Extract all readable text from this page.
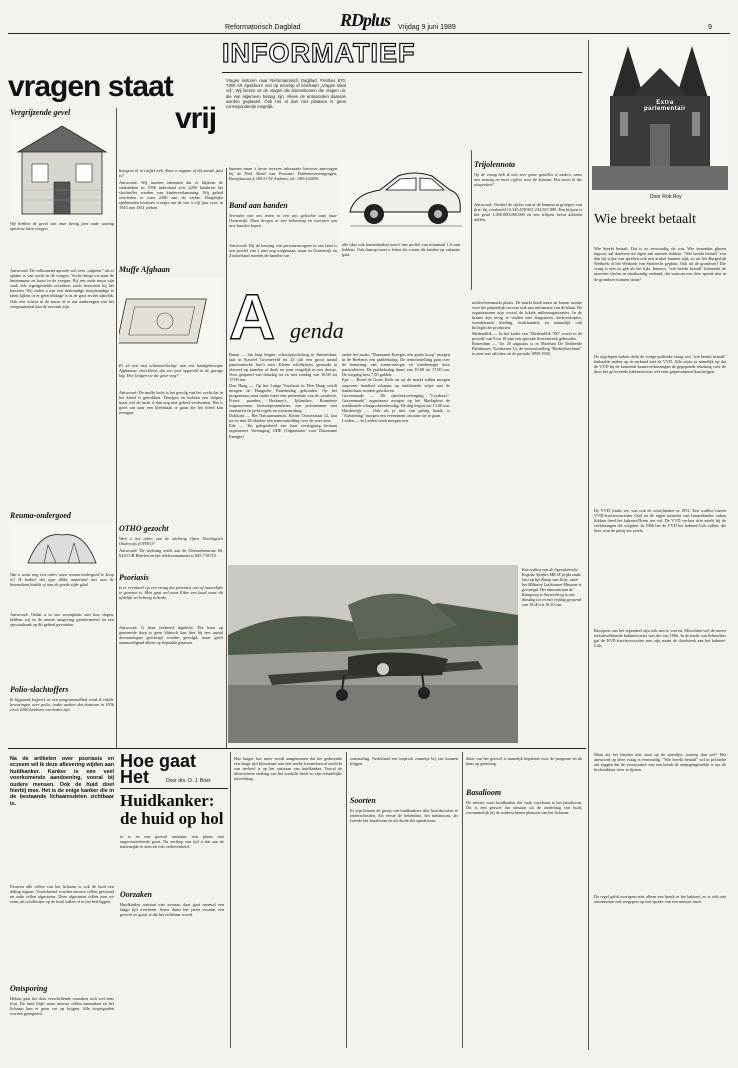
RDplus
Reformatorisch Dagblad	Vrijdag 9 juni 1989	9
INFORMATIEF
vragen staat
vrij
Vragen insturen naar Reformatorisch Dagblad, Postbus 670, 7300 AR Apeldoorn met op envelop of briefkaart „Vragen staat vrij”. Wij kiezen uit de vragen die binnenkomen die vragen uit, die van algemeen belang zijn. Alleen de antwoorden daarvan worden geplaatst. Ook het al dan niet plaatsen is geen correspondentie mogelijk.
Vergrijzende gevel
Wij hebben de gevel van onze dertig jaar oude woning opnieuw laten voegen.
Antwoord: De volkomend aproefe wel over „salpeter” als er sprake is van vocht in de voegen. Vocht dringt via naar de buitenmuur en komt in de voegen. Bij een oude muur zijn vaak ook tegengestelde oorzaken, zoals bezwaren bij het bouwen. Wij raden u aan een deskundige bouwkundige te laten kijken of er geen lekkage is in de goot en het dakvlak. Ook een scheur in de muur of te nat aanbrengen van het voegmateriaal kan de oorzaak zijn.
Reuma-ondergoed
Wat u soms nog een adres waar reuma-ondergoed te koop is? Ik bedoel dat type dikke materiaal met aan de binnenkant bedekt of aan de goede zijde glad.
Antwoord: Ondat u in ons woonplaats niet kon slagen, hebben wij in de naaste omgeving geinformeerd en een speciaalzaak op dit gebied gevonden.
Polio-slachtoffers
Ik bijgaand krijpoel wi een programmablad vond ik enkele bewaringen over polio, onder andere dat daaraan in 1936 circa 2200 kinderen overleden zijn.
betogom ik in twijfel trek. Kunt u nagaan of dit aantal juist is?
Antwoord: Wij moeten erkennen dat er blijkens de statistieken in 1956 inderdaad zo'n 2200 kinderen het slachtoffer werden van kinderverlamming. Wij geleid overleden er toen 2206 aan de ziekte. Dergelijke epidemieën kwamen vroeger om de vier à vijf jaar voor, in 1943 met 1831 zieken.
Muffe Afghaan
Er zit een muf schimmelluchtje aan ons handgeknoopte Afghaanse vloerkleed, dat een jaar opgerold in de garage lag. Hoe krijgen we die geur weg?
Antwoord: De muffe lucht is het gevolg van het vocht dat in het kleed is getrokken. Droogen en luchten zou helpen, maar wel de lucht is dan nog niet geheel verdwenen. Het is goed om naar een kleedzaak te gaan die het kleed kan reinigen.
OTHO gezocht
Weet u het adres van de stichting Open Theologisch Onderwijs (OTHO)?
Antwoord: De stichting zetelt aan de Oliemolenstraat 60, 6416 CB Heerlen en het telefoonnummer is 045-718710.
Psoriasis
Is er eventueel op een vraag dat psoriasis niet of nauwelijks te genezen is. Men gaat wel naar Eiker een koud waar dit tijdelijk verlichting schenkt.
Antwoord: U bent verkeerd ingelicht. Die kuur op genoemde dorp is geen klinisch kan hier bij een aantal dermatologen geschrapt worden gevolgd, maar geeft aanmoedigend alleen op bepaalde plaatsen.
kunnen maar 's beste tevoren informatie hierover aanvragen bij de Ned. Bond van Psoriasis Patiëntenverenigingen, Bosrijkstraat 4, 6814 CW Arnhem, tel.: 085-432050.
Band aan banden
Vrienden van ons reden in een pas gekochte auto naar Oostenrijk. Daar kregen ze een bekeuring en voorzien van new banden kopen.
Antwoord: Bij de keuring van personenwagens in ons land is een profiel van 1 mm nog toegestaan, maar in Oostenrijk en Zwitserland moeten de banden van
alle (dus ook buitenlandse) auto's een profiel van minimaal 1,6 mm hebben. Ook daarop moet u letten als u naar die landen op vakantie gaat.
Trijolennota
Op de vraag heb ik niet zeer grote getallen te maken, soms met tussing en meer cijfers voor de komma. Hoe moet ik die uitspreken?
Antwoord: Verdeel de cijfers van af de komma in groepjes van drie, bij voorbeeld 12.345.678.901.234.567.890. Een biljoen is het getal 1.000.000.000.000 en een triljoen bevat achttien nullen.
A genda
Baarn — Jan Jaap Stigter, schoolpsycholoog te Amsterdam, laat in Kasteel Groeneveld tot 23 juli een groot aantal panoramische foto's zien. Kleine schilderijen, gemaakt in olieverf op panelen of doek en waar mogelijk in een doosje. Voor geopend van dinsdag tot en met zondag van 10.00 tot 17.00 uur.
Den Haag — Op het Lange Voorhout in Den Haag wordt morgen de Haagsche Paardendag gehouden. Op het programma staat onder meer een presentatie van de cavalerie, Friese paarden, Hackney's, Ijslanders, Romeinse wagenrennen, koetsenpresentaties, een jachtmenner met sneeuwen en jachtvogels en westernriding.
Dokkum — Het Natuurmuseum, Kleine Oosterstraat 12, laat tot en met 28 oktober een tentoonstelling over de otter zien.
Ede — Ter gelegenheid van haar veertigjarig bestaan organiseert Vereniging ODE (Organisatie voor Duurzame Energie)
onder het motto "Duurzame Energie, een gratis koop" morgen in de Roeberts een publieksdag. De tentoonstelling gaat over de benutting van zonne-energie en windenergie door particulieren. De publieksdag duurt van 10.00 tot 17.00 uur. De toegang kost 7,50 gulden.
Epe — Rond de Grote Kerk en op de markt zullen morgen ongeveer honderd schapen op traditionele wijze met de handschaar worden geschoren.
Gravenmade — De (molen)vereniging "Leythaas"-Gravenmade" organiseert morgen op het Marktplein de traditionele schaapscheerdersdag. De dag begint om 13.00 uur.
Harderwijk — Ook als je niet van paling houdt, is "Aalsteedag" morgen een evenement om naar toe te gaan.
Leiden — In Leiden vindt morgen een
milieu-bienmarkt plaats. De markt biedt naast de kraam ruimte voor het plaatselijk vervoer ook aan informatie van de klant. De organisatoren zijn vooral de lokale milieuorganisaties. In de kraam zijn terug te vinden met drugstoren, kerkverkopers, tweedehands kleding, boekhandels en natuurlijk ook biologische producten.
Medemblik — In het kader van "Medemblik 700" wordt in de periode van 9 tot 18 juni een speciale boerenweek gehouden.
Rotterdam — Tot 20 augustus is in Museum De Dubbelde Palmboom, Voorhaven 12, de tentoonstelling "Bedrijfsreclame" te zien met affiches uit de periode 1890-1950.
Een replica van de legendarische Engelse Spitfire MK IX prijkt sinds kort op het Kamp van Zeist, waar het Militaire Luchtvaart Museum is gevestigd. Het museum aan de Kampweg te Soesterberg is van dinsdag tot en met vrijdag geopend van 10.00 tot 16.30 uur.
Extra parlementair
Door Rob Roy
Wie breekt betaalt
Wie breekt betaalt. Dat is zo eenvoudig als wat. Wie iemandas glazen ingooit, zal daarvoor uit eigen zak moeten dokken. "Wie breekt betaalt" zou dan bij wijze van spreken ook een artikel kunnen zijn, zo uit het Burgerlijk Wetboek of het Wetboek van Strafrecht geplukt. Ook uit de grondwet? Die vraag is niet zo gek als het lijkt. Immers, "wie breekt betaalt" kenmerkt de moresen slechts in staatkundig verband, dat waarom een dere spreuk niet in de grondwet kunnen staan?
De afgelopen weken doek de vorige politieke vraag van "wie breekt betaalt" lenhaalde malen op in verband met de VVD. Alle wijze er namelijk op dat de VVD bij de komende kamerverkiezingen de gepepende rekening voor de door het gefoceerde kabinetscrisis wel eens gepresenteerd kan krijgen.
De VVD, brake we, was ook de schrijfmaker in 1951. Een conflict tussen VVD-fractievoorzitter Oud en de eigen minister van binnenlandse zaken Sikken deed het kabinet-Drees ten val. De VVD verloor drie zetels bij de verkiezingen die volgden. In 1966 liet de VVD het kabinet-Cals vallen: die keer won de partij zes zetels.
Bewijzen van het tegendeel zijn ook aan te voeren. Misschien wel de meest indrukwekkende kabinetscrisis was die van 1966. In de nacht van Schmelzer gaf de KVP-fractievoorzitter met zijn naam de doodsteek aan het kabinet-Cals.
Maar als het betalen niet staat op de stemlijst, waarop dan wel? Het antwoord op deze vraag is eenvoudig. "Wie breekt betaalt" wil in politieke zin zeggen dat de veroorzaker van een breuk de aantegengestelde is om de brokstukken weer te lijmen.
De regel geldt overigens niet alleen een breuk in het kabinet, zo is ook niet onomstoten ook toegepast op een sprake van een nieuwe inzet.
Na de artikelen over psoriasis en eczeem wil ik deze aflevering wijden aan huidkanker. Kanker is een veel voorkomende aandoening, vooral bij oudere mensen. Ook de huid doet hierbij mee. Het is de enige kanker die in de bestaande lichaamsdelen zichtbaar is.
Eeuwen alle cellen van het lichaam is ook de huid een deling ingaan. Voortdurend worden nieuwe cellen gevormd en oude cellen afgestoten. Deze afgestoten cellen zien we soms als schilfertjes op de huid vallen of in het bed liggen.
Ontsporing
Helaas gaat het door verschillende oorzaken toch wel eens fout. De huid blijft maar nieuwe cellen aanmaken en het lichaam kan er geen vat op krijgen. Alle stopsignalen worden genegeerd.
Hoe gaat
Het	Door drs. O. J. Boer
Huidkanker: de huid op hol
er is en een gezwel ontstaan, een plaats met ongecontroleerde groei. Na verloop van tijd is dat aan de buitenzijde te zien als een verhevenheid.
Oorzaken
Huidkanker ontstaat niet zomaar, daar gaat meestal een lange tijd overheen. Soms duurt het jaren voordat een gezwel zo groot is dat het zichtbaar wordt.
Hoe langer hoe meer wordt aangenomen dat het gedurende een lange tijd blootstaan aan een sterke fotoinfrarood zonlicht van invloed is op het ontstaan van huidkanker. Vooral de ultraviolette straling van het zonlicht heeft zo zijn schadelijke uitwerking.
zonstraling. Nederland een tropisch zonnetje bij ons kunnen krijgen.
Soorten
Er zijn binnen de groep van huidkankers drie hoofdsoorten te onderscheiden. Als eerste de bekendste, het melanoom, als tweede het basalioom en als derde het spinalioom.
dikte van het gezwel is namelijk bepalend voor de prognose en de kans op genezing.
Basalioom
De meeste soort huidkanker die vaak voorkomt is het basalioom. Dit is een gezwel dat ontstaat uit de onderlaag van huid, voornamelijk bij de zonbeschenen plaatsen van het lichaam.
